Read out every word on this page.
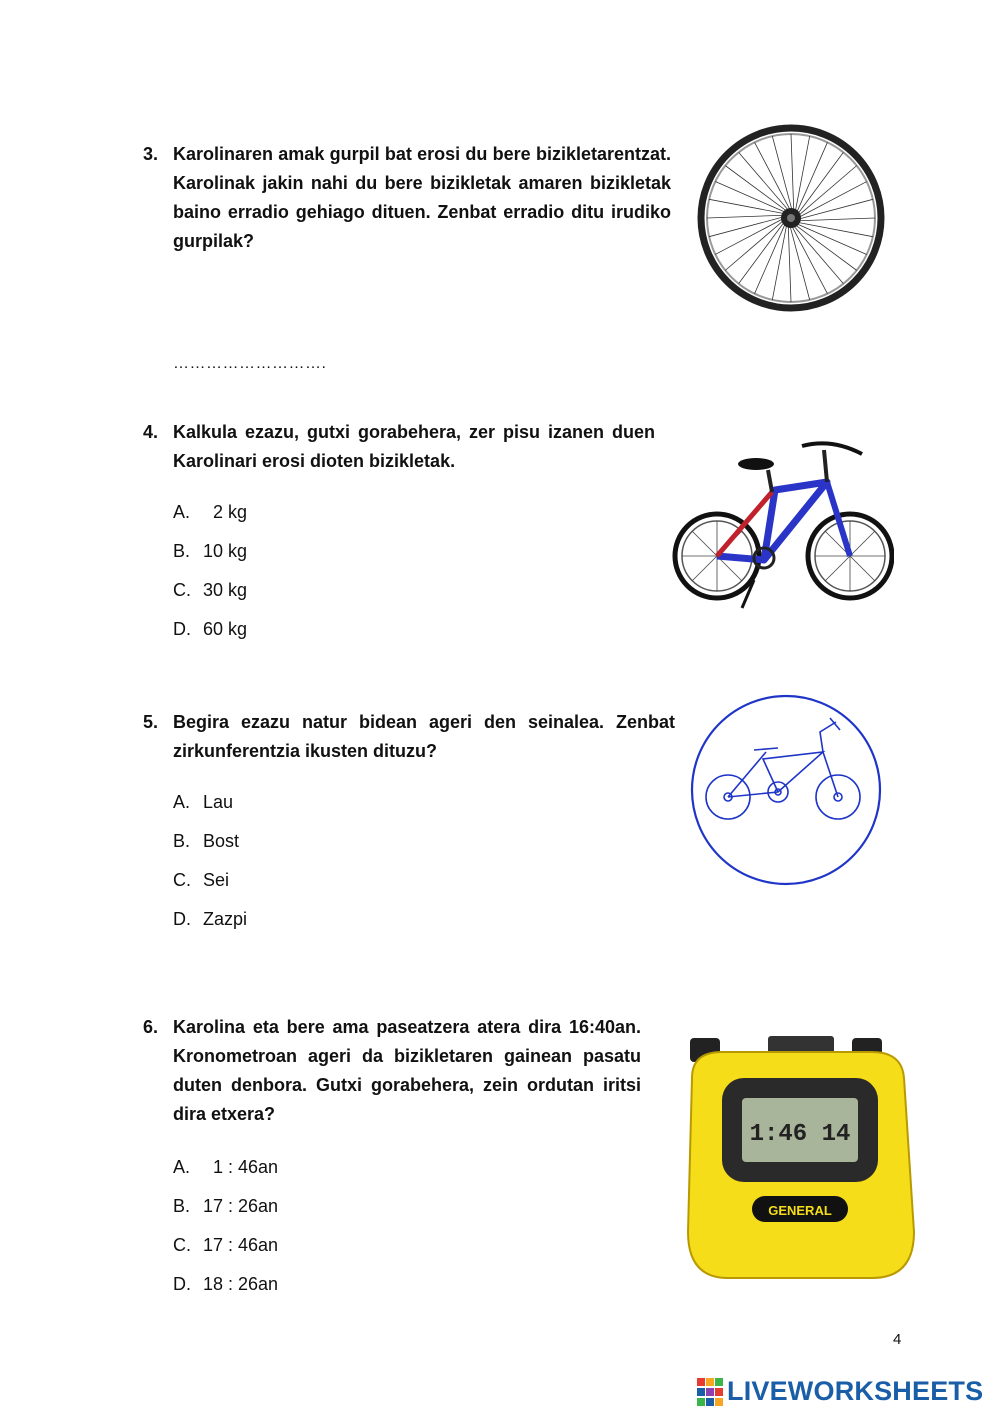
3. Karolinaren amak gurpil bat erosi du bere bizikletarentzat. Karolinak jakin nahi du bere bizikletak amaren bizikletak baino erradio gehiago dituen. Zenbat erradio ditu irudiko gurpilak?
……………………….
4. Kalkula ezazu, gutxi gorabehera, zer pisu izanen duen Karolinari erosi dioten bizikletak.
A.  2 kg
B. 10 kg
C. 30 kg
D. 60 kg
5. Begira ezazu natur bidean ageri den seinalea. Zenbat zirkunferentzia ikusten dituzu?
A. Lau
B. Bost
C. Sei
D. Zazpi
6. Karolina eta bere ama paseatzera atera dira 16:40an. Kronometroan ageri da bizikletaren gainean pasatu duten denbora. Gutxi gorabehera, zein ordutan iritsi dira etxera?
A.  1 : 46an
B. 17 : 26an
C. 17 : 46an
D. 18 : 26an
1:46 14
GENERAL
4
LIVEWORKSHEETS
